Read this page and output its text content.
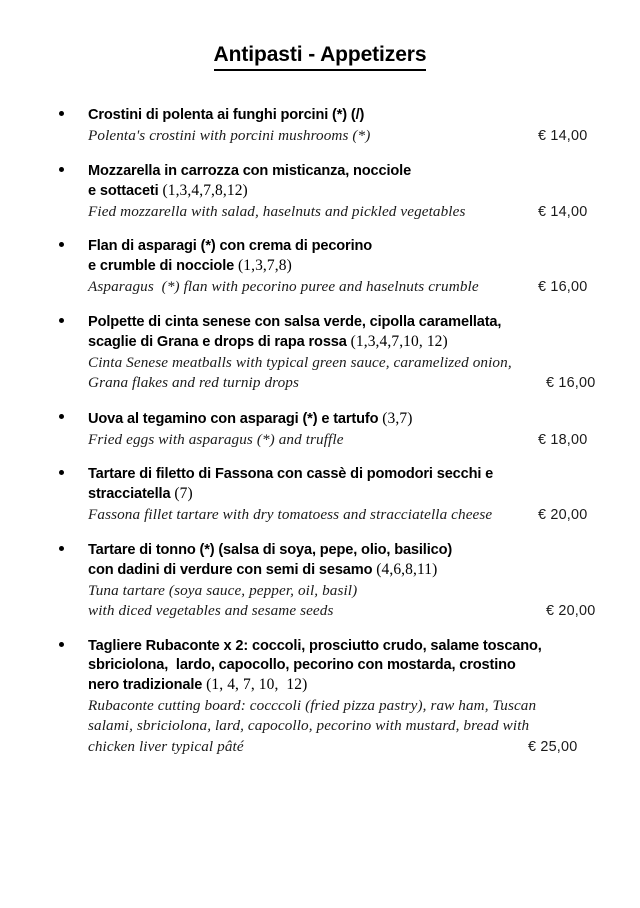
Antipasti - Appetizers
Crostini di polenta ai funghi porcini (*) (/)
Polenta's crostini with porcini mushrooms (*)	€ 14,00
Mozzarella in carrozza con misticanza, nocciole
e sottaceti (1,3,4,7,8,12)
Fied mozzarella with salad, haselnuts and pickled vegetables	€ 14,00
Flan di asparagi (*) con crema di pecorino
e crumble di nocciole (1,3,7,8)
Asparagus  (*) flan with pecorino puree and haselnuts crumble	€ 16,00
Polpette di cinta senese con salsa verde, cipolla caramellata,
scaglie di Grana e drops di rapa rossa (1,3,4,7,10, 12)
Cinta Senese meatballs with typical green sauce, caramelized onion,
Grana flakes and red turnip drops	€ 16,00
Uova al tegamino con asparagi (*) e tartufo (3,7)
Fried eggs with asparagus (*) and truffle	€ 18,00
Tartare di filetto di Fassona con cassè di pomodori secchi e
stracciatella (7)
Fassona fillet tartare with dry tomatoess and stracciatella cheese	€ 20,00
Tartare di tonno (*) (salsa di soya, pepe, olio, basilico)
con dadini di verdure con semi di sesamo (4,6,8,11)
Tuna tartare (soya sauce, pepper, oil, basil)
with diced vegetables and sesame seeds	€ 20,00
Tagliere Rubaconte x 2: coccoli, prosciutto crudo, salame toscano,
sbriciolona,  lardo, capocollo, pecorino con mostarda, crostino
nero tradizionale (1, 4, 7, 10,  12)
Rubaconte cutting board: cocccoli (fried pizza pastry), raw ham, Tuscan
salami, sbriciolona, lard, capocollo, pecorino with mustard, bread with
chicken liver typical pâté	€ 25,00
